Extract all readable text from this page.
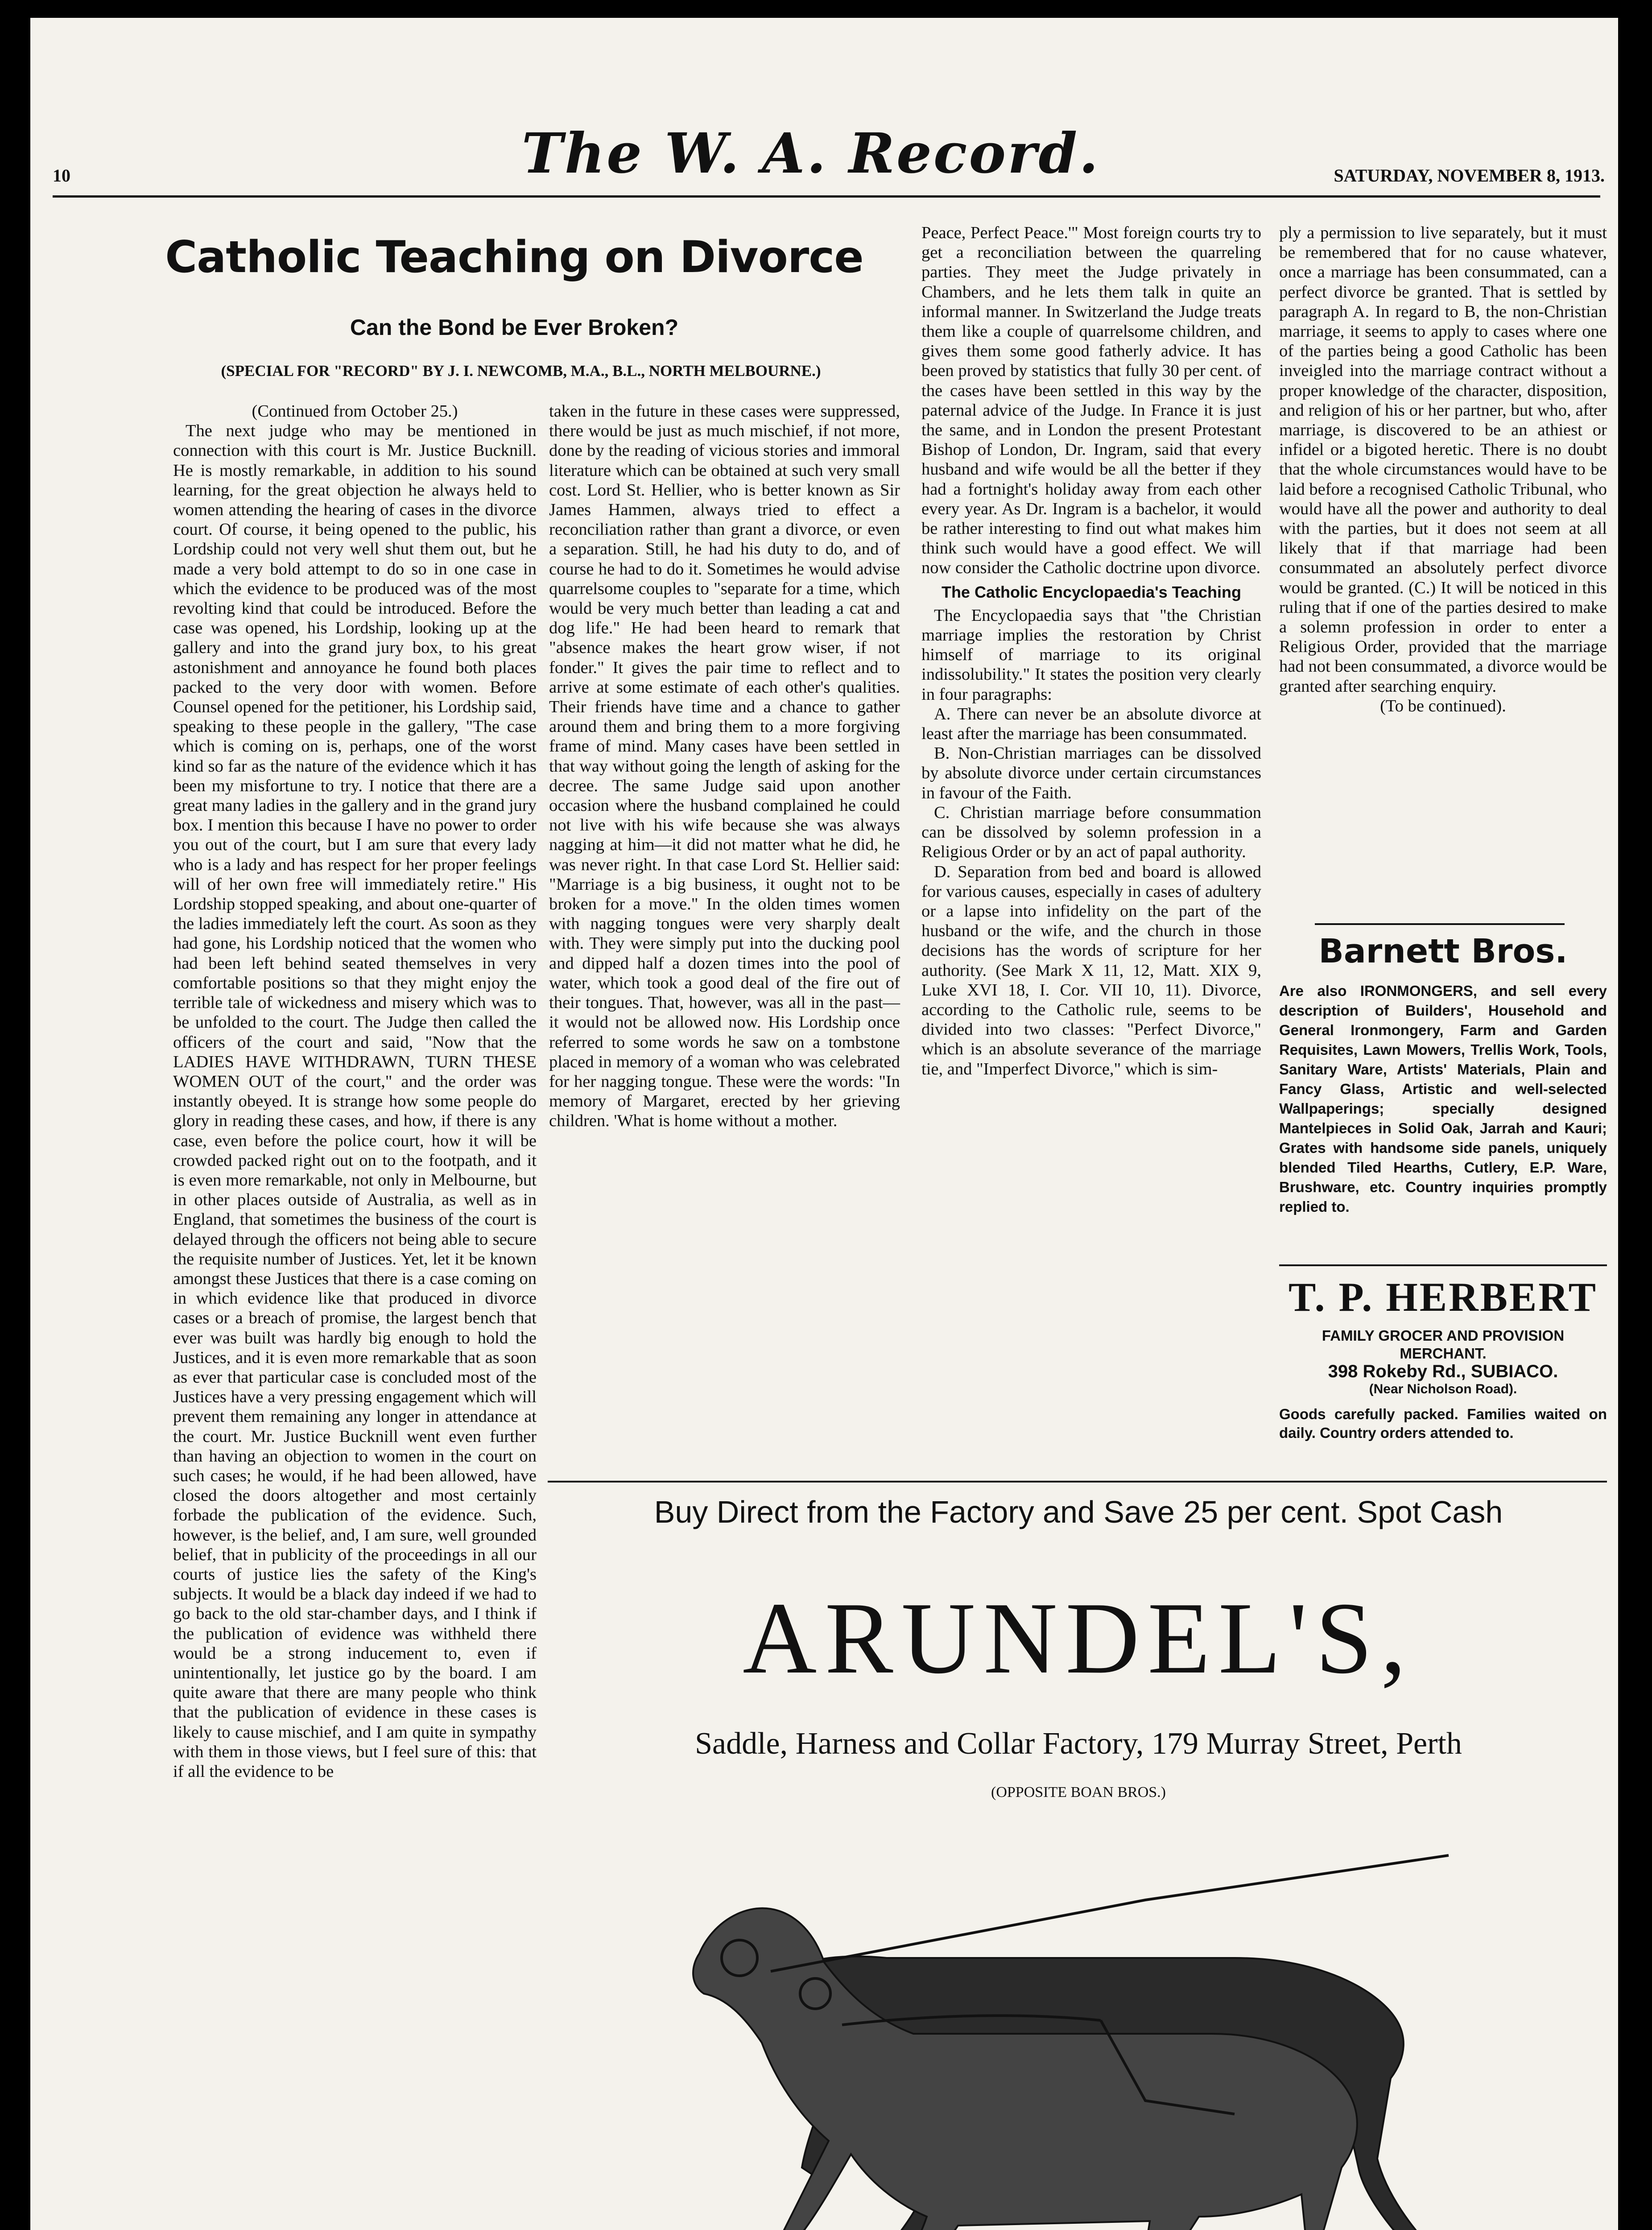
10	The W. A. Record.	SATURDAY, NOVEMBER 8, 1913.
Catholic Teaching on Divorce
Can the Bond be Ever Broken?
(SPECIAL FOR "RECORD" BY J. I. NEWCOMB, M.A., B.L., NORTH MELBOURNE.)

(Continued from October 25.)

The next judge who may be mentioned in connection with this court is Mr. Justice Bucknill. He is mostly remarkable, in addition to his sound learning, for the great objection he always held to women attending the hearing of cases in the divorce court. Of course, it being opened to the public, his Lordship could not very well shut them out, but he made a very bold attempt to do so in one case in which the evidence to be produced was of the most revolting kind that could be introduced. Before the case was opened, his Lordship, looking up at the gallery and into the grand jury box, to his great astonishment and annoyance he found both places packed to the very door with women. Before Counsel opened for the petitioner, his Lordship said, speaking to these people in the gallery, "The case which is coming on is, perhaps, one of the worst kind so far as the nature of the evidence which it has been my misfortune to try. I notice that there are a great many ladies in the gallery and in the grand jury box. I mention this because I have no power to order you out of the court, but I am sure that every lady who is a lady and has respect for her proper feelings will of her own free will immediately retire." His Lordship stopped speaking, and about one-quarter of the ladies immediately left the court. As soon as they had gone, his Lordship noticed that the women who had been left behind seated themselves in very comfortable positions so that they might enjoy the terrible tale of wickedness and misery which was to be unfolded to the court. The Judge then called the officers of the court and said, "Now that the LADIES HAVE WITHDRAWN, TURN THESE WOMEN OUT of the court," and the order was instantly obeyed. It is strange how some people do glory in reading these cases, and how, if there is any case, even before the police court, how it will be crowded packed right out on to the footpath, and it is even more remarkable, not only in Melbourne, but in other places outside of Australia, as well as in England, that sometimes the business of the court is delayed through the officers not being able to secure the requisite number of Justices. Yet, let it be known amongst these Justices that there is a case coming on in which evidence like that produced in divorce cases or a breach of promise, the largest bench that ever was built was hardly big enough to hold the Justices, and it is even more remarkable that as soon as ever that particular case is concluded most of the Justices have a very pressing engagement which will prevent them remaining any longer in attendance at the court. Mr. Justice Bucknill went even further than having an objection to women in the court on such cases; he would, if he had been allowed, have closed the doors altogether and most certainly forbade the publication of the evidence. Such, however, is the belief, and, I am sure, well grounded belief, that in publicity of the proceedings in all our courts of justice lies the safety of the King's subjects. It would be a black day indeed if we had to go back to the old star-chamber days, and I think if the publication of evidence was withheld there would be a strong inducement to, even if unintentionally, let justice go by the board. I am quite aware that there are many people who think that the publication of evidence in these cases is likely to cause mischief, and I am quite in sympathy with them in those views, but I feel sure of this: that if all the evidence to be

taken in the future in these cases were suppressed, there would be just as much mischief, if not more, done by the reading of vicious stories and immoral literature which can be obtained at such very small cost. Lord St. Hellier, who is better known as Sir James Hammen, always tried to effect a reconciliation rather than grant a divorce, or even a separation. Still, he had his duty to do, and of course he had to do it. Sometimes he would advise quarrelsome couples to "separate for a time, which would be very much better than leading a cat and dog life." He had been heard to remark that "absence makes the heart grow wiser, if not fonder." It gives the pair time to reflect and to arrive at some estimate of each other's qualities. Their friends have time and a chance to gather around them and bring them to a more forgiving frame of mind. Many cases have been settled in that way without going the length of asking for the decree. The same Judge said upon another occasion where the husband complained he could not live with his wife because she was always nagging at him—it did not matter what he did, he was never right. In that case Lord St. Hellier said: "Marriage is a big business, it ought not to be broken for a move." In the olden times women with nagging tongues were very sharply dealt with. They were simply put into the ducking pool and dipped half a dozen times into the pool of water, which took a good deal of the fire out of their tongues. That, however, was all in the past—it would not be allowed now. His Lordship once referred to some words he saw on a tombstone placed in memory of a woman who was celebrated for her nagging tongue. These were the words: "In memory of Margaret, erected by her grieving children. 'What is home without a mother.

Peace, Perfect Peace.'" Most foreign courts try to get a reconciliation between the quarreling parties. They meet the Judge privately in Chambers, and he lets them talk in quite an informal manner. In Switzerland the Judge treats them like a couple of quarrelsome children, and gives them some good fatherly advice. It has been proved by statistics that fully 30 per cent. of the cases have been settled in this way by the paternal advice of the Judge. In France it is just the same, and in London the present Protestant Bishop of London, Dr. Ingram, said that every husband and wife would be all the better if they had a fortnight's holiday away from each other every year. As Dr. Ingram is a bachelor, it would be rather interesting to find out what makes him think such would have a good effect. We will now consider the Catholic doctrine upon divorce.

The Catholic Encyclopaedia's Teaching

The Encyclopaedia says that "the Christian marriage implies the restoration by Christ himself of marriage to its original indissolubility." It states the position very clearly in four paragraphs:

A. There can never be an absolute divorce at least after the marriage has been consummated.

B. Non-Christian marriages can be dissolved by absolute divorce under certain circumstances in favour of the Faith.

C. Christian marriage before consummation can be dissolved by solemn profession in a Religious Order or by an act of papal authority.

D. Separation from bed and board is allowed for various causes, especially in cases of adultery or a lapse into infidelity on the part of the husband or the wife, and the church in those decisions has the words of scripture for her authority. (See Mark X 11, 12, Matt. XIX 9, Luke XVI 18, I. Cor. VII 10, 11). Divorce, according to the Catholic rule, seems to be divided into two classes: "Perfect Divorce," which is an absolute severance of the marriage tie, and "Imperfect Divorce," which is sim-

ply a permission to live separately, but it must be remembered that for no cause whatever, once a marriage has been consummated, can a perfect divorce be granted. That is settled by paragraph A. In regard to B, the non-Christian marriage, it seems to apply to cases where one of the parties being a good Catholic has been inveigled into the marriage contract without a proper knowledge of the character, disposition, and religion of his or her partner, but who, after marriage, is discovered to be an athiest or infidel or a bigoted heretic. There is no doubt that the whole circumstances would have to be laid before a recognised Catholic Tribunal, who would have all the power and authority to deal with the parties, but it does not seem at all likely that if that marriage had been consummated an absolutely perfect divorce would be granted. (C.) It will be noticed in this ruling that if one of the parties desired to make a solemn profession in order to enter a Religious Order, provided that the marriage had not been consummated, a divorce would be granted after searching enquiry.

(To be continued).

Barnett Bros.
Are also IRONMONGERS, and sell every description of Builders', Household and General Ironmongery, Farm and Garden Requisites, Lawn Mowers, Trellis Work, Tools, Sanitary Ware, Artists' Materials, Plain and Fancy Glass, Artistic and well-selected Wallpaperings; specially designed Mantelpieces in Solid Oak, Jarrah and Kauri; Grates with handsome side panels, uniquely blended Tiled Hearths, Cutlery, E.P. Ware, Brushware, etc. Country inquiries promptly replied to.
T. P. HERBERT
FAMILY GROCER AND PROVISION
MERCHANT.
398 Rokeby Rd., SUBIACO.
(Near Nicholson Road).
Goods carefully packed. Families waited on daily. Country orders attended to.
Buy Direct from the Factory and Save 25 per cent. Spot Cash
ARUNDEL'S,
Saddle, Harness and Collar Factory, 179 Murray Street, Perth
(OPPOSITE BOAN BROS.)
